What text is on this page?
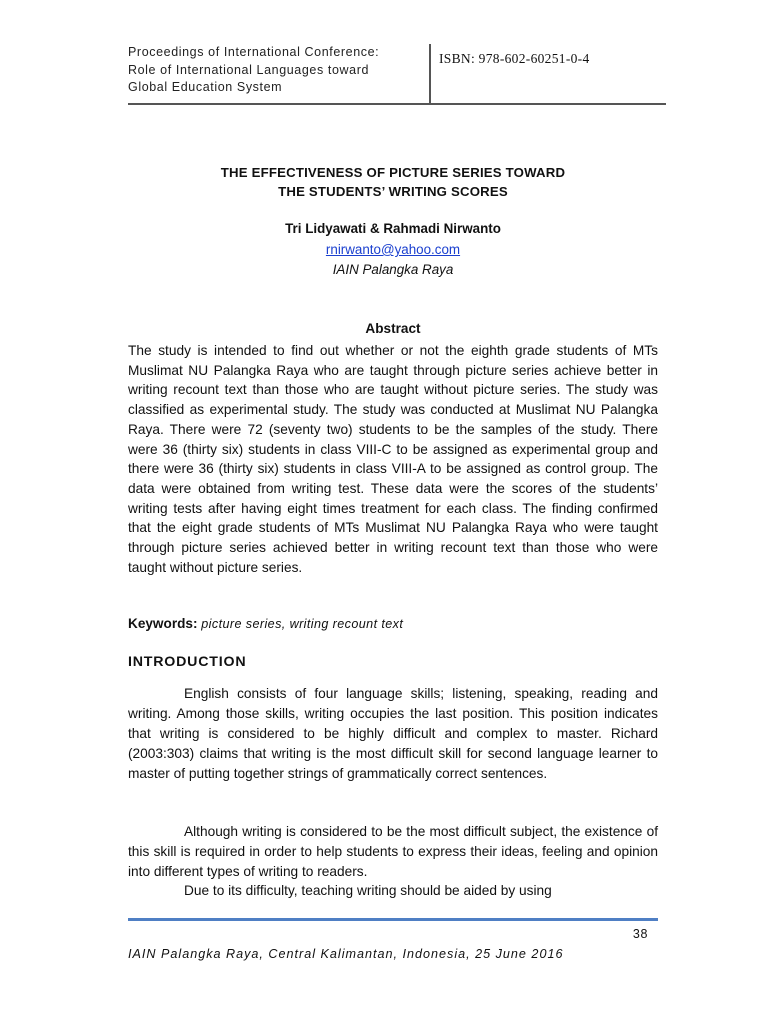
Proceedings of International Conference:
Role of International Languages toward
Global Education System
ISBN: 978-602-60251-0-4
THE EFFECTIVENESS OF PICTURE SERIES TOWARD
THE STUDENTS’ WRITING SCORES
Tri Lidyawati & Rahmadi Nirwanto
rnirwanto@yahoo.com
IAIN Palangka Raya
Abstract
The study is intended to find out whether or not the eighth grade students of MTs Muslimat NU Palangka Raya who are taught through picture series achieve better in writing recount text than those who are taught without picture series. The study was classified as experimental study. The study was conducted at Muslimat NU Palangka Raya. There were 72 (seventy two) students to be the samples of the study. There were 36 (thirty six) students in class VIII-C to be assigned as experimental group and there were 36 (thirty six) students in class VIII-A to be assigned as control group. The data were obtained from writing test. These data were the scores of the students’ writing tests after having eight times treatment for each class. The finding confirmed that the eight grade students of MTs Muslimat NU Palangka Raya who were taught through picture series achieved better in writing recount text than those who were taught without picture series.
Keywords: picture series, writing recount text
INTRODUCTION

English consists of four language skills; listening, speaking, reading and writing. Among those skills, writing occupies the last position. This position indicates that writing is considered to be highly difficult and complex to master. Richard (2003:303) claims that writing is the most difficult skill for second language learner to master of putting together strings of grammatically correct sentences.

Although writing is considered to be the most difficult subject, the existence of this skill is required in order to help students to express their ideas, feeling and opinion into different types of writing to readers.

Due to its difficulty, teaching writing should be aided by using

38
IAIN Palangka Raya, Central Kalimantan, Indonesia, 25 June 2016
